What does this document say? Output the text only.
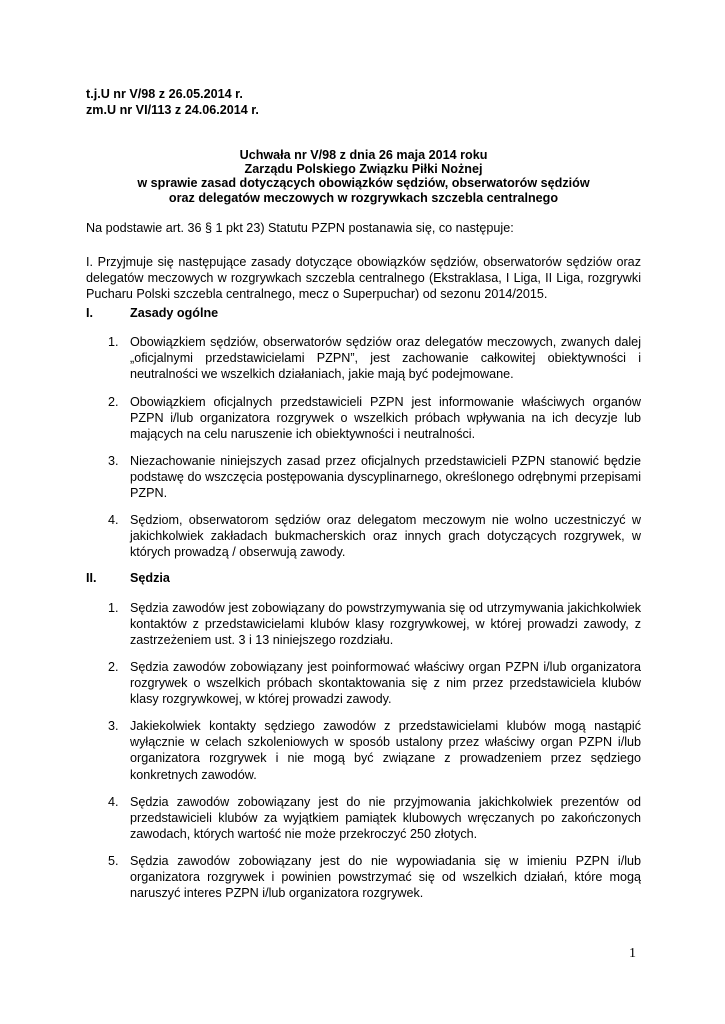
t.j.U nr V/98 z 26.05.2014 r.
zm.U nr VI/113 z 24.06.2014 r.
Uchwała nr V/98 z dnia 26 maja 2014 roku
Zarządu Polskiego Związku Piłki Nożnej
w sprawie zasad dotyczących obowiązków sędziów, obserwatorów sędziów
oraz delegatów meczowych w rozgrywkach szczebla centralnego
Na podstawie art. 36 § 1 pkt 23) Statutu PZPN postanawia się, co następuje:
I. Przyjmuje się następujące zasady dotyczące obowiązków sędziów, obserwatorów sędziów oraz delegatów meczowych w rozgrywkach szczebla centralnego (Ekstraklasa, I Liga, II Liga, rozgrywki Pucharu Polski szczebla centralnego, mecz o Superpuchar) od sezonu 2014/2015.
I.	Zasady ogólne
1. Obowiązkiem sędziów, obserwatorów sędziów oraz delegatów meczowych, zwanych dalej „oficjalnymi przedstawicielami PZPN”, jest zachowanie całkowitej obiektywności i neutralności we wszelkich działaniach, jakie mają być podejmowane.
2. Obowiązkiem oficjalnych przedstawicieli PZPN jest informowanie właściwych organów PZPN i/lub organizatora rozgrywek o wszelkich próbach wpływania na ich decyzje lub mających na celu naruszenie ich obiektywności i neutralności.
3. Niezachowanie niniejszych zasad przez oficjalnych przedstawicieli PZPN stanowić będzie podstawę do wszczęcia postępowania dyscyplinarnego, określonego odrębnymi przepisami PZPN.
4. Sędziom, obserwatorom sędziów oraz delegatom meczowym nie wolno uczestniczyć w jakichkolwiek zakładach bukmacherskich oraz innych grach dotyczących rozgrywek, w których prowadzą / obserwują zawody.
II.	Sędzia
1. Sędzia zawodów jest zobowiązany do powstrzymywania się od utrzymywania jakichkolwiek kontaktów z przedstawicielami klubów klasy rozgrywkowej, w której prowadzi zawody, z zastrzeżeniem ust. 3 i 13 niniejszego rozdziału.
2. Sędzia zawodów zobowiązany jest poinformować właściwy organ PZPN i/lub organizatora rozgrywek o wszelkich próbach skontaktowania się z nim przez przedstawiciela klubów klasy rozgrywkowej, w której prowadzi zawody.
3. Jakiekolwiek kontakty sędziego zawodów z przedstawicielami klubów mogą nastąpić wyłącznie w celach szkoleniowych w sposób ustalony przez właściwy organ PZPN i/lub organizatora rozgrywek i nie mogą być związane z prowadzeniem przez sędziego konkretnych zawodów.
4. Sędzia zawodów zobowiązany jest do nie przyjmowania jakichkolwiek prezentów od przedstawicieli klubów za wyjątkiem pamiątek klubowych wręczanych po zakończonych zawodach, których wartość nie może przekroczyć 250 złotych.
5. Sędzia zawodów zobowiązany jest do nie wypowiadania się w imieniu PZPN i/lub organizatora rozgrywek i powinien powstrzymać się od wszelkich działań, które mogą naruszyć interes PZPN i/lub organizatora rozgrywek.
1
